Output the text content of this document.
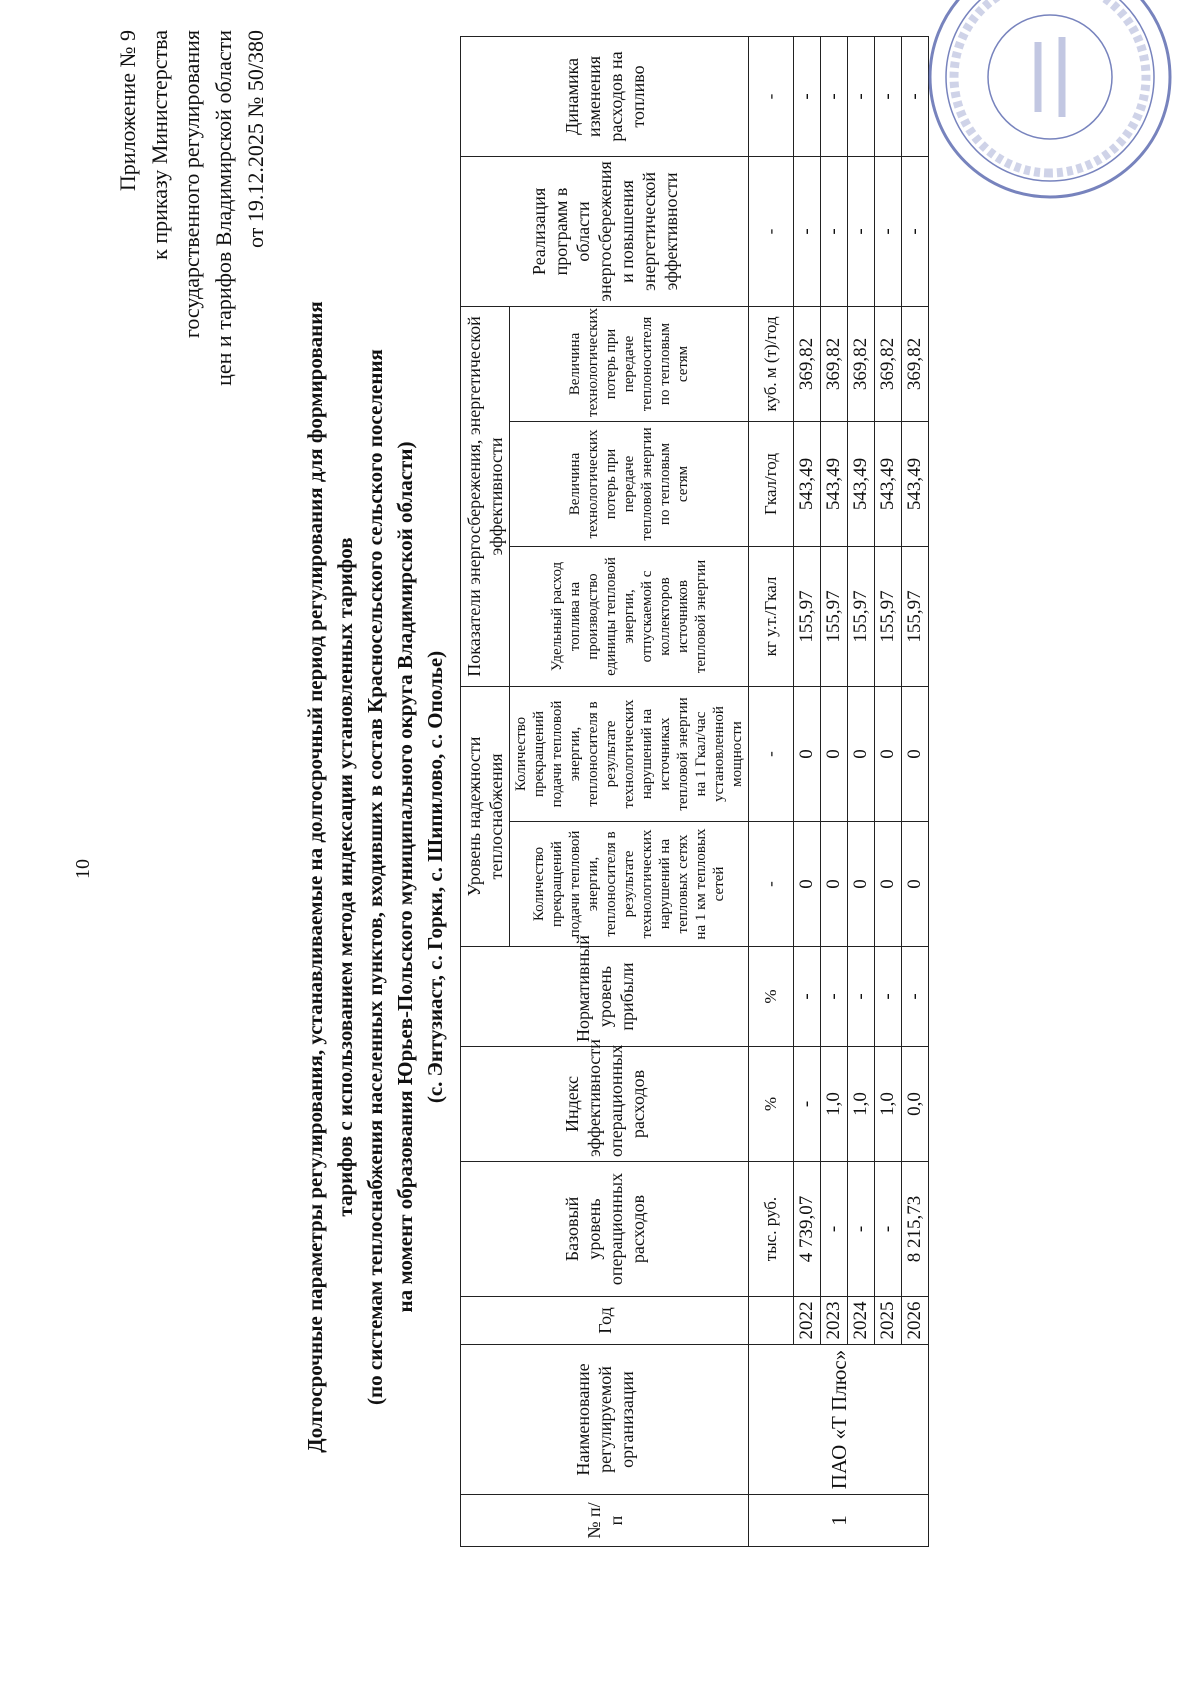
10
Приложение № 9 к приказу Министерства государственного регулирования цен и тарифов Владимирской области от 19.12.2025 № 50/380
Долгосрочные параметры регулирования, устанавливаемые на долгосрочный период регулирования для формирования тарифов с использованием метода индексации установленных тарифов (по системам теплоснабжения населенных пунктов, входивших в состав Красносельского сельского поселения на момент образования Юрьев-Польского муниципального округа Владимирской области) (с. Энтузиаст, с. Горки, с. Шипилово, с. Ополье)
№ п/п	Наименование регулируемой организации	Год	Базовый уровень операционных расходов	Индекс эффективности операционных расходов	Нормативный уровень прибыли	Уровень надежности теплоснабжения		Показатели энергосбережения, энергетической эффективности			Реализация программ в области энергосбережения и повышения энергетической эффективности	Динамика изменения расходов на топливо
						Количество прекращений подачи тепловой энергии, теплоносителя в результате технологических нарушений на тепловых сетях на 1 км тепловых сетей	Количество прекращений подачи тепловой энергии, теплоносителя в результате технологических нарушений на источниках тепловой энергии на 1 Гкал/час установленной мощности	Удельный расход топлива на производство единицы тепловой энергии, отпускаемой с коллекторов источников тепловой энергии	Величина технологических потерь при передаче тепловой энергии по тепловым сетям	Величина технологических потерь при передаче теплоносителя по тепловым сетям		
1	ПАО «Т Плюс»		тыс. руб.	%	%	-	-	кг у.т./Гкал	Гкал/год	куб. м (т)/год	-	-
		2022	4 739,07	-	-	0	0	155,97	543,49	369,82	-	-
		2023	-	1,0	-	0	0	155,97	543,49	369,82	-	-
		2024	-	1,0	-	0	0	155,97	543,49	369,82	-	-
		2025	-	1,0	-	0	0	155,97	543,49	369,82	-	-
		2026	8 215,73	0,0	-	0	0	155,97	543,49	369,82	-	-
